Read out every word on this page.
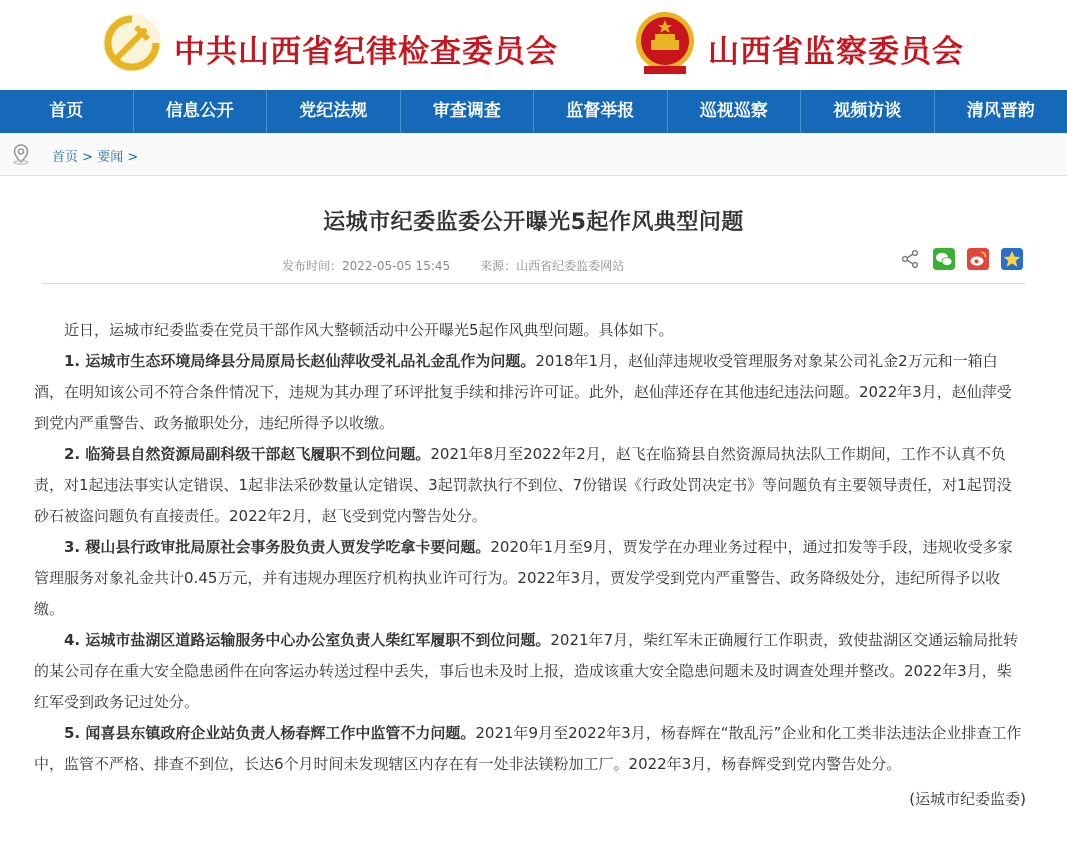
中共山西省纪律检查委员会	山西省监察委员会
首页	信息公开	党纪法规	审查调查	监督举报	巡视巡察	视频访谈	清风晋韵
首页 > 要闻 >
运城市纪委监委公开曝光5起作风典型问题
发布时间：2022-05-05 15:45	来源：山西省纪委监委网站

近日，运城市纪委监委在党员干部作风大整顿活动中公开曝光5起作风典型问题。具体如下。

1. 运城市生态环境局绛县分局原局长赵仙萍收受礼品礼金乱作为问题。2018年1月，赵仙萍违规收受管理服务对象某公司礼金2万元和一箱白酒，在明知该公司不符合条件情况下，违规为其办理了环评批复手续和排污许可证。此外，赵仙萍还存在其他违纪违法问题。2022年3月，赵仙萍受到党内严重警告、政务撤职处分，违纪所得予以收缴。

2. 临猗县自然资源局副科级干部赵飞履职不到位问题。2021年8月至2022年2月，赵飞在临猗县自然资源局执法队工作期间，工作不认真不负责，对1起违法事实认定错误、1起非法采砂数量认定错误、3起罚款执行不到位、7份错误《行政处罚决定书》等问题负有主要领导责任，对1起罚没砂石被盗问题负有直接责任。2022年2月，赵飞受到党内警告处分。

3. 稷山县行政审批局原社会事务股负责人贾发学吃拿卡要问题。2020年1月至9月，贾发学在办理业务过程中，通过扣发等手段，违规收受多家管理服务对象礼金共计0.45万元，并有违规办理医疗机构执业许可行为。2022年3月，贾发学受到党内严重警告、政务降级处分，违纪所得予以收缴。

4. 运城市盐湖区道路运输服务中心办公室负责人柴红军履职不到位问题。2021年7月，柴红军未正确履行工作职责，致使盐湖区交通运输局批转的某公司存在重大安全隐患函件在向客运办转送过程中丢失，事后也未及时上报，造成该重大安全隐患问题未及时调查处理并整改。2022年3月，柴红军受到政务记过处分。

5. 闻喜县东镇政府企业站负责人杨春辉工作中监管不力问题。2021年9月至2022年3月，杨春辉在“散乱污”企业和化工类非法违法企业排查工作中，监管不严格、排查不到位，长达6个月时间未发现辖区内存在有一处非法镁粉加工厂。2022年3月，杨春辉受到党内警告处分。

(运城市纪委监委)
